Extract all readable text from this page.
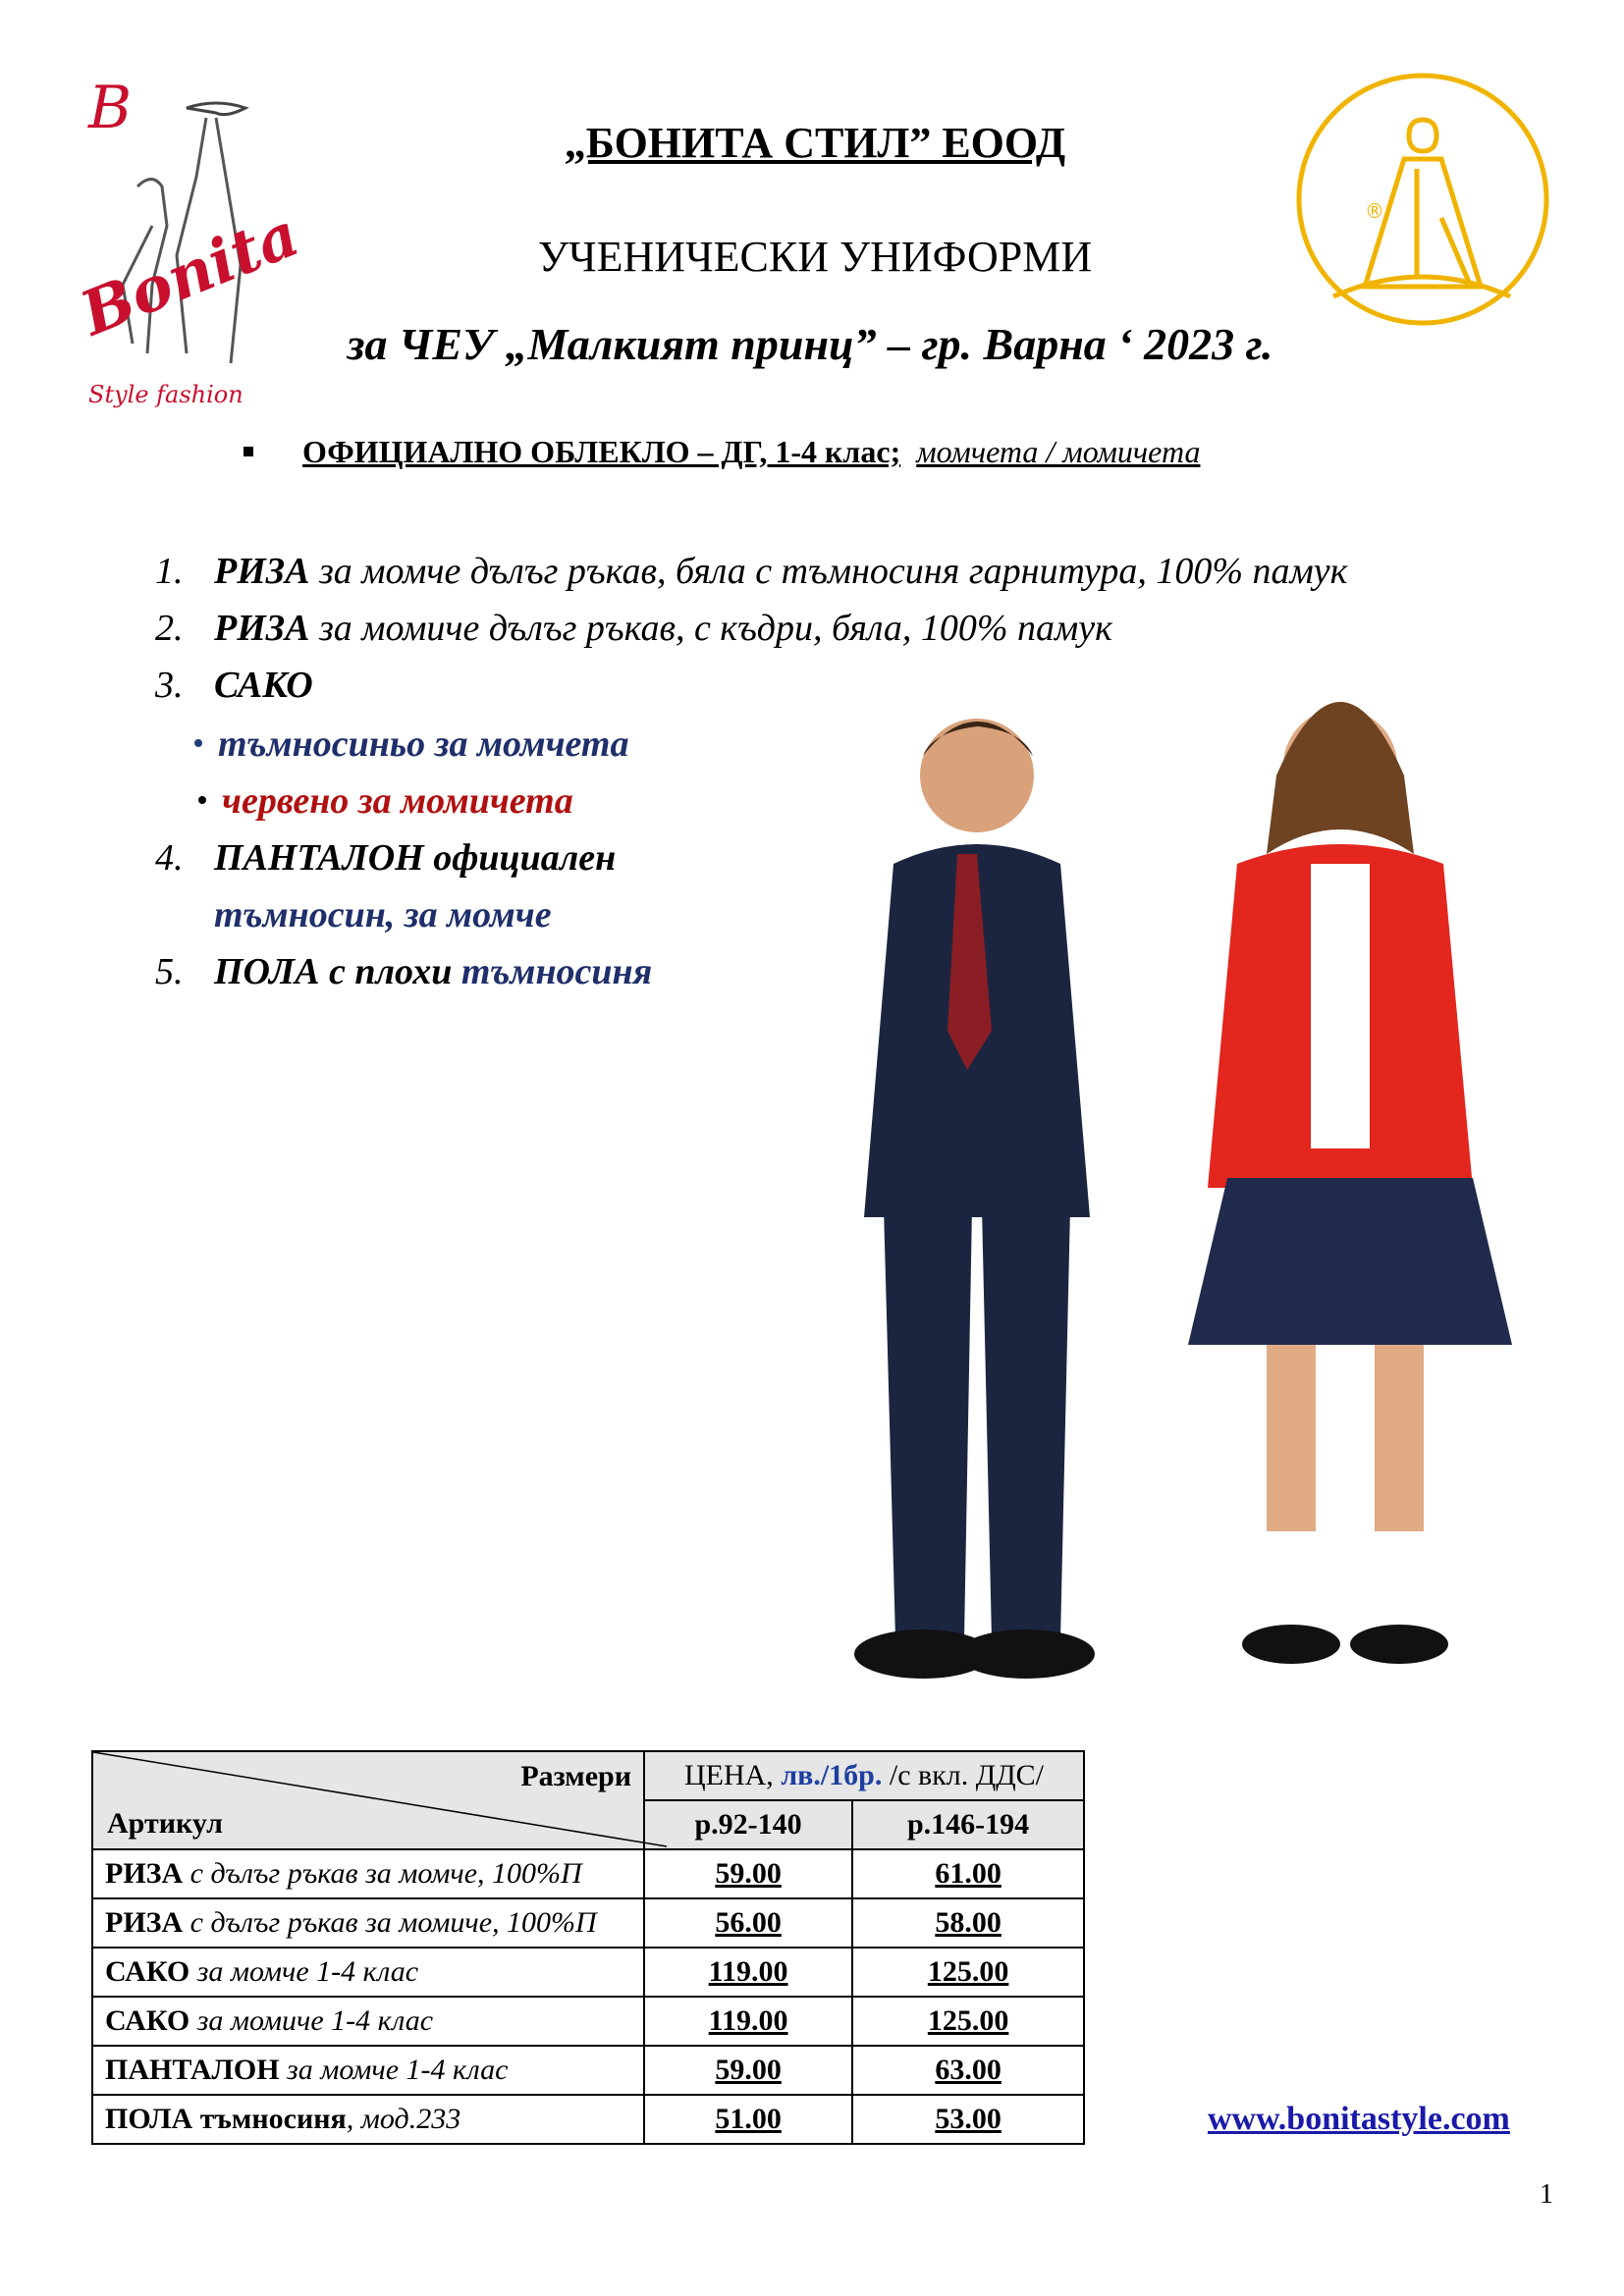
B
Bonita
Style fashion
®
„БОНИТА СТИЛ” ЕООД
УЧЕНИЧЕСКИ УНИФОРМИ
за ЧЕУ „Малкият принц” – гр. Варна ‘ 2023 г.
ОФИЦИАЛНО ОБЛЕКЛО – ДГ, 1-4 клас; момчета / момичета
1. РИЗА за момче дълъг ръкав, бяла с тъмносиня гарнитура, 100% памук
2. РИЗА за момиче дълъг ръкав, с къдри, бяла, 100% памук
3. САКО
тъмносиньо за момчета
червено за момичета
4. ПАНТАЛОН официален
тъмносин, за момче
5. ПОЛА с плохи тъмносиня
Размери
Артикул	ЦЕНА, лв./1бр. /с вкл. ДДС/	
	р.92-140	р.146-194
РИЗА с дълъг ръкав за момче, 100%П	59.00	61.00
РИЗА с дълъг ръкав за момиче, 100%П	56.00	58.00
САКО за момче 1-4 клас	119.00	125.00
САКО за момиче 1-4 клас	119.00	125.00
ПАНТАЛОН за момче 1-4 клас	59.00	63.00
ПОЛА тъмносиня, мод.233	51.00	53.00	www.bonitastyle.com
1
